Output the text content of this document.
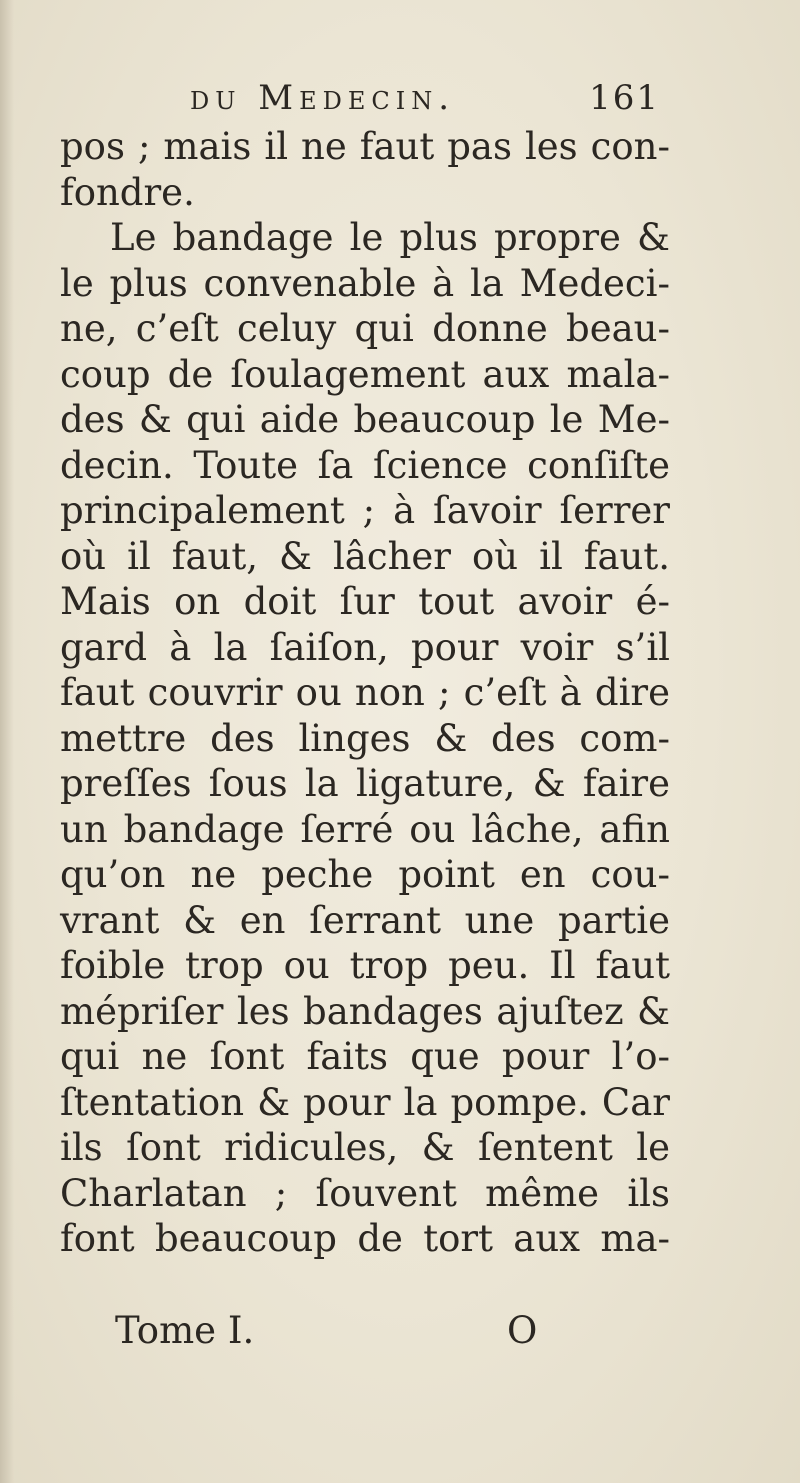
du Medecin.	161
pos ; mais il ne faut pas les con-
fondre.
Le bandage le plus propre &
le plus convenable à la Medeci-
ne, c’eſt celuy qui donne beau-
coup de ſoulagement aux mala-
des & qui aide beaucoup le Me-
decin. Toute ſa ſcience conſiſte
principalement ; à ſavoir ſerrer
où il faut, & lâcher où il faut.
Mais on doit ſur tout avoir é-
gard à la ſaiſon, pour voir s’il
faut couvrir ou non ; c’eſt à dire
mettre des linges & des com-
preſſes ſous la ligature, & faire
un bandage ſerré ou lâche, afin
qu’on ne peche point en cou-
vrant & en ſerrant une partie
foible trop ou trop peu. Il faut
mépriſer les bandages ajuſtez &
qui ne ſont faits que pour l’o-
ſtentation & pour la pompe. Car
ils ſont ridicules, & ſentent le
Charlatan ; ſouvent même ils
font beaucoup de tort aux ma-
Tome I.	O
